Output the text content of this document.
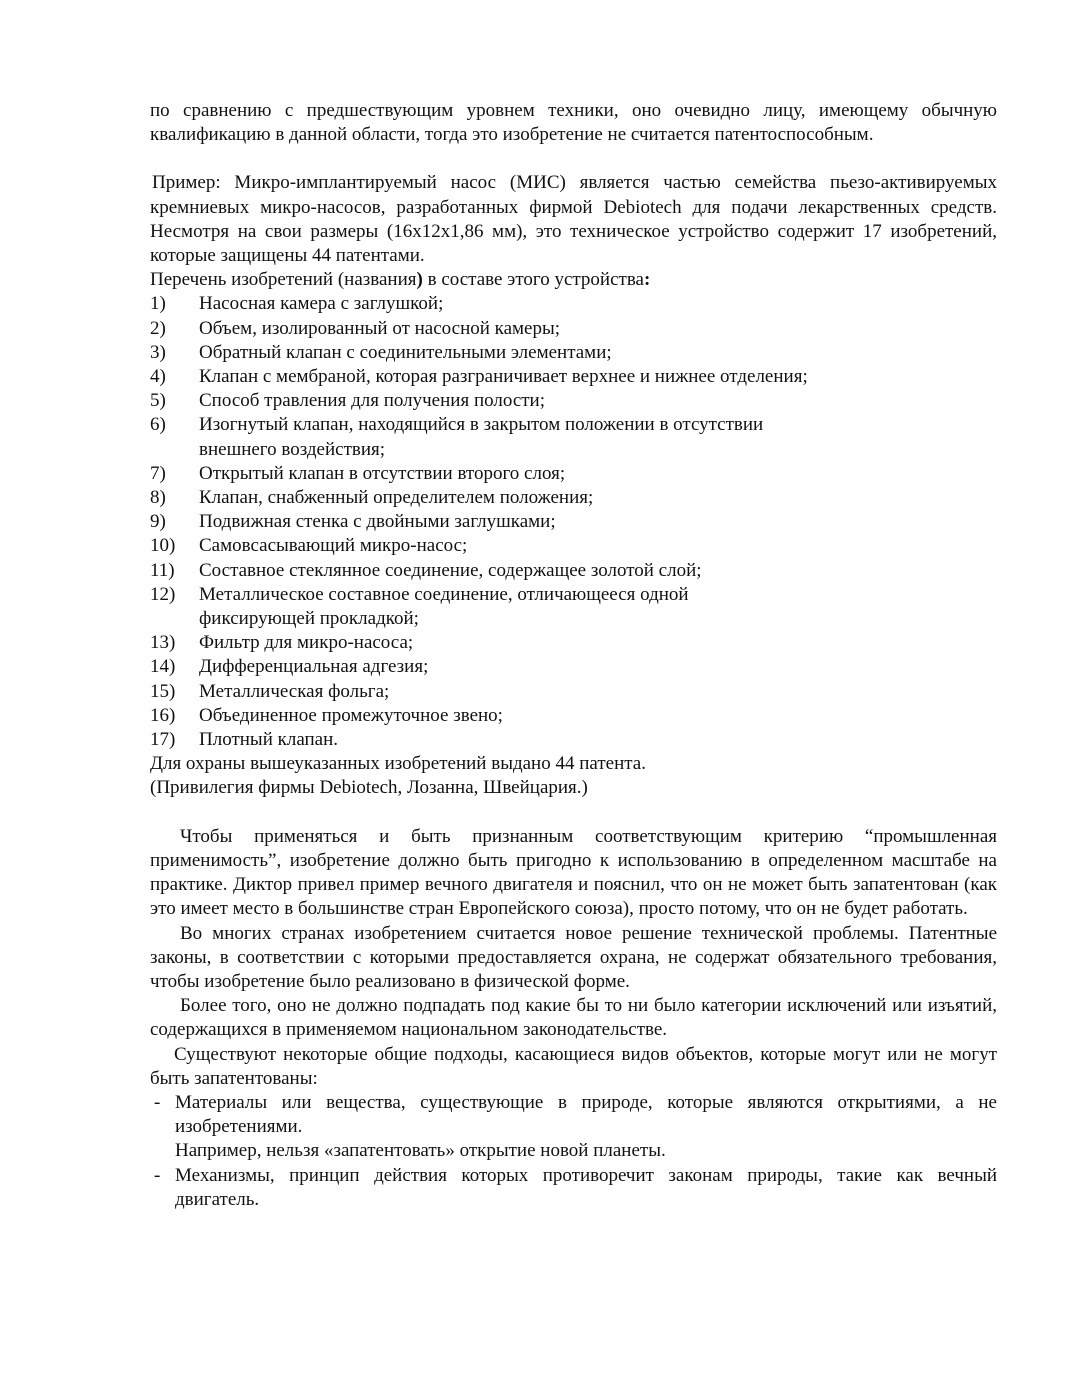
по сравнению с предшествующим уровнем техники, оно очевидно лицу, имеющему обычную квалификацию в данной области, тогда это изобретение не считается патентоспособным.

Пример: Микро-имплантируемый насос (МИС) является частью семейства пьезо-активируемых кремниевых микро-насосов, разработанных фирмой Debiotech для подачи лекарственных средств. Несмотря на свои размеры (16x12x1,86 мм), это техническое устройство содержит 17 изобретений, которые защищены 44 патентами.

Перечень изобретений (названия) в составе этого устройства:

1)	Насосная камера с заглушкой;
2)	Объем, изолированный от насосной камеры;
3)	Обратный клапан с соединительными элементами;
4)	Клапан с мембраной, которая разграничивает верхнее и нижнее отделения;
5)	Способ травления для получения полости;
6)	Изогнутый клапан, находящийся в закрытом положении в отсутствии
внешнего воздействия;
7)	Открытый клапан в отсутствии второго слоя;
8)	Клапан, снабженный определителем положения;
9)	Подвижная стенка с двойными заглушками;
10)	Самовсасывающий микро-насос;
11)	Составное стеклянное соединение, содержащее золотой слой;
12)	Металлическое составное соединение, отличающееся одной
фиксирующей прокладкой;
13)	Фильтр для микро-насоса;
14)	Дифференциальная адгезия;
15)	Металлическая фольга;
16)	Объединенное промежуточное звено;
17)	Плотный клапан.

Для охраны вышеуказанных изобретений выдано 44 патента.

(Привилегия фирмы Debiotech, Лозанна, Швейцария.)

Чтобы применяться и быть признанным соответствующим критерию “промышленная применимость”, изобретение должно быть пригодно к использованию в определенном масштабе на практике. Диктор привел пример вечного двигателя и пояснил, что он не может быть запатентован (как это имеет место в большинстве стран Европейского союза), просто потому, что он не будет работать.

Во многих странах изобретением считается новое решение технической проблемы. Патентные законы, в соответствии с которыми предоставляется охрана, не содержат обязательного требования, чтобы изобретение было реализовано в физической форме.

Более того, оно не должно подпадать под какие бы то ни было категории исключений или изъятий, содержащихся в применяемом национальном законодательстве.

Существуют некоторые общие подходы, касающиеся видов объектов, которые могут или не могут быть запатентованы:

- Материалы или вещества, существующие в природе, которые являются открытиями, а не изобретениями.
Например, нельзя «запатентовать» открытие новой планеты.
- Механизмы, принцип действия которых противоречит законам природы, такие как вечный двигатель.
